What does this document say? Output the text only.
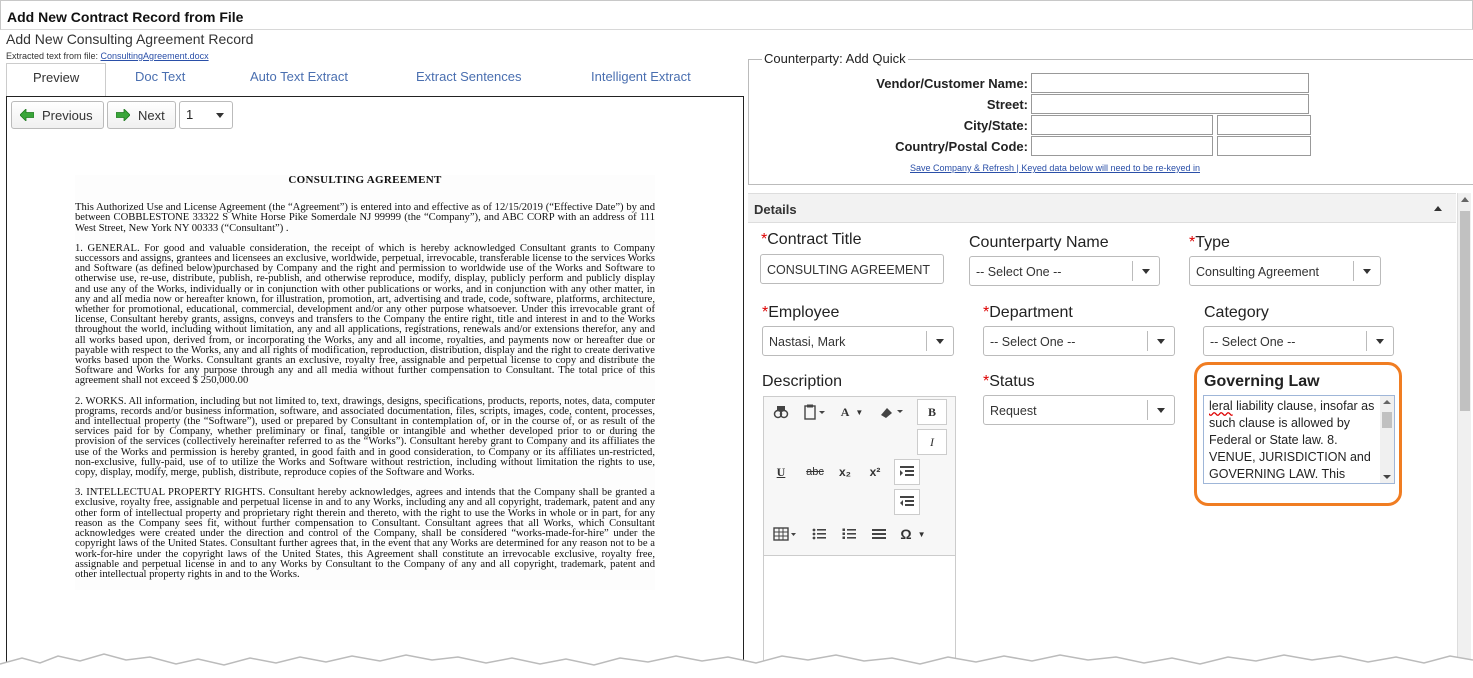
Add New Contract Record from File
Add New Consulting Agreement Record
Extracted text from file: ConsultingAgreement.docx
Preview	Doc Text	Auto Text Extract	Extract Sentences	Intelligent Extract
Previous	Next	1
CONSULTING AGREEMENT

This Authorized Use and License Agreement (the “Agreement”) is entered into and effective as of 12/15/2019 (“Effective Date”) by and between COBBLESTONE 33322 S White Horse Pike Somerdale NJ 99999 (the “Company”), and ABC CORP with an address of 111 West Street, New York NY 00333 (“Consultant”) .

1. GENERAL. For good and valuable consideration, the receipt of which is hereby acknowledged Consultant grants to Company successors and assigns, grantees and licensees an exclusive, worldwide, perpetual, irrevocable, transferable license to the services Works and Software (as defined below)purchased by Company and the right and permission to worldwide use of the Works and Software to otherwise use, re-use, distribute, publish, re-publish, and otherwise reproduce, modify, display, publicly perform and publicly display and use any of the Works, individually or in conjunction with other publications or works, and in conjunction with any other matter, in any and all media now or hereafter known, for illustration, promotion, art, advertising and trade, code, software, platforms, architecture, whether for promotional, educational, commercial, development and/or any other purpose whatsoever. Under this irrevocable grant of license, Consultant hereby grants, assigns, conveys and transfers to the Company the entire right, title and interest in and to the Works throughout the world, including without limitation, any and all applications, registrations, renewals and/or extensions therefor, any and all works based upon, derived from, or incorporating the Works, any and all income, royalties, and payments now or hereafter due or payable with respect to the Works, any and all rights of modification, reproduction, distribution, display and the right to create derivative works based upon the Works. Consultant grants an exclusive, royalty free, assignable and perpetual license to copy and distribute the Software and Works for any purpose through any and all media without further compensation to Consultant. The total price of this agreement shall not exceed $ 250,000.00

2. WORKS. All information, including but not limited to, text, drawings, designs, specifications, products, reports, notes, data, computer programs, records and/or business information, software, and associated documentation, files, scripts, images, code, content, processes, and intellectual property (the “Software”), used or prepared by Consultant in contemplation of, or in the course of, or as result of the services paid for by Company, whether preliminary or final, tangible or intangible and whether developed prior to or during the provision of the services (collectively hereinafter referred to as the “Works”). Consultant hereby grant to Company and its affiliates the use of the Works and permission is hereby granted, in good faith and in good consideration, to Company or its affiliates un-restricted, non-exclusive, fully-paid, use of to utilize the Works and Software without restriction, including without limitation the rights to use, copy, display, modify, merge, publish, distribute, reproduce copies of the Software and Works.

3. INTELLECTUAL PROPERTY RIGHTS. Consultant hereby acknowledges, agrees and intends that the Company shall be granted a exclusive, royalty free, assignable and perpetual license in and to any Works, including any and all copyright, trademark, patent and any other form of intellectual property and proprietary right therein and thereto, with the right to use the Works in whole or in part, for any reason as the Company sees fit, without further compensation to Consultant. Consultant agrees that all Works, which Consultant acknowledges were created under the direction and control of the Company, shall be considered “works-made-for-hire” under the copyright laws of the United States. Consultant further agrees that, in the event that any Works are determined for any reason not to be a work-for-hire under the copyright laws of the United States, this Agreement shall constitute an irrevocable exclusive, royalty free, assignable and perpetual license in and to any Works by Consultant to the Company of any and all copyright, trademark, patent and other intellectual property rights in and to the Works.

Counterparty: Add Quick
Vendor/Customer Name:
Street:
City/State:
Country/Postal Code:
Save Company & Refresh | Keyed data below will need to be re-keyed in
Details
*Contract Title
CONSULTING AGREEMENT
Counterparty Name
-- Select One --
*Type
Consulting Agreement
*Employee
Nastasi, Mark
*Department
-- Select One --
Category
-- Select One --
Description
A ▼	B
I
U	abc	x₂	x²
Ω ▼
*Status
Request
Governing Law
leral liability clause, insofar as such clause is allowed by Federal or State law. 8. VENUE, JURISDICTION and GOVERNING LAW. This
